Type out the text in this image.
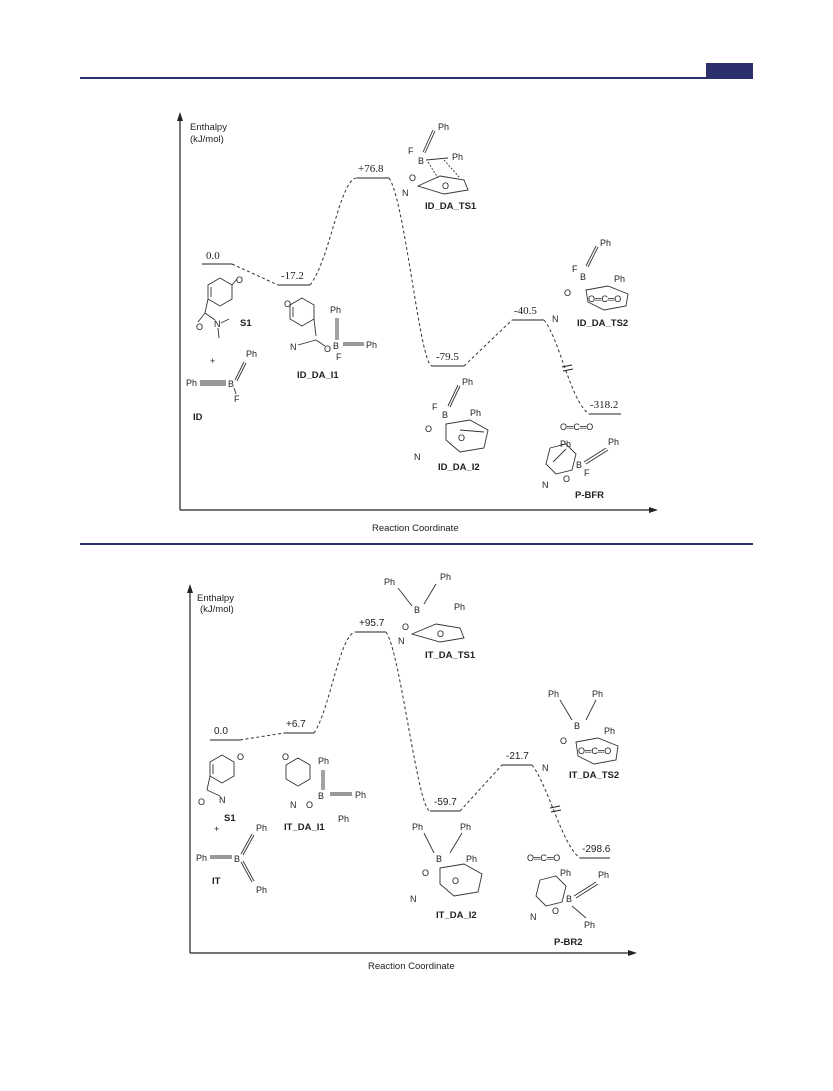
Enthalpy
(kJ/mol)
Reaction Coordinate
0.0
-17.2
+76.8
-79.5
-40.5
-318.2
O
O N S1
+
Ph	B
Ph
F
ID
O
N	O B
Ph
Ph
F
ID_DA_I1
Ph
F
B	Ph
O
O
N
ID_DA_TS1
Ph
F
B Ph
O
O
N
ID_DA_I2
Ph
F
B	Ph
O
O═C═O
N ID_DA_TS2
O═C═O
Ph
B
Ph
F
O
N
P-BFR
Enthalpy
(kJ/mol)
Reaction Coordinate
0.0
+6.7
+95.7
-59.7
-21.7
-298.6
O
O N
S1
+
Ph	B
Ph
Ph
IT
O
N O
B
Ph
Ph
Ph
IT_DA_I1
Ph	Ph
B	Ph
O
O
N
IT_DA_TS1
Ph	Ph
B	Ph
O
O
N
IT_DA_I2
Ph	Ph
B	Ph
O
O═C═O
N
IT_DA_TS2
O═C═O
Ph
B
Ph
Ph
O
N
P-BR2
